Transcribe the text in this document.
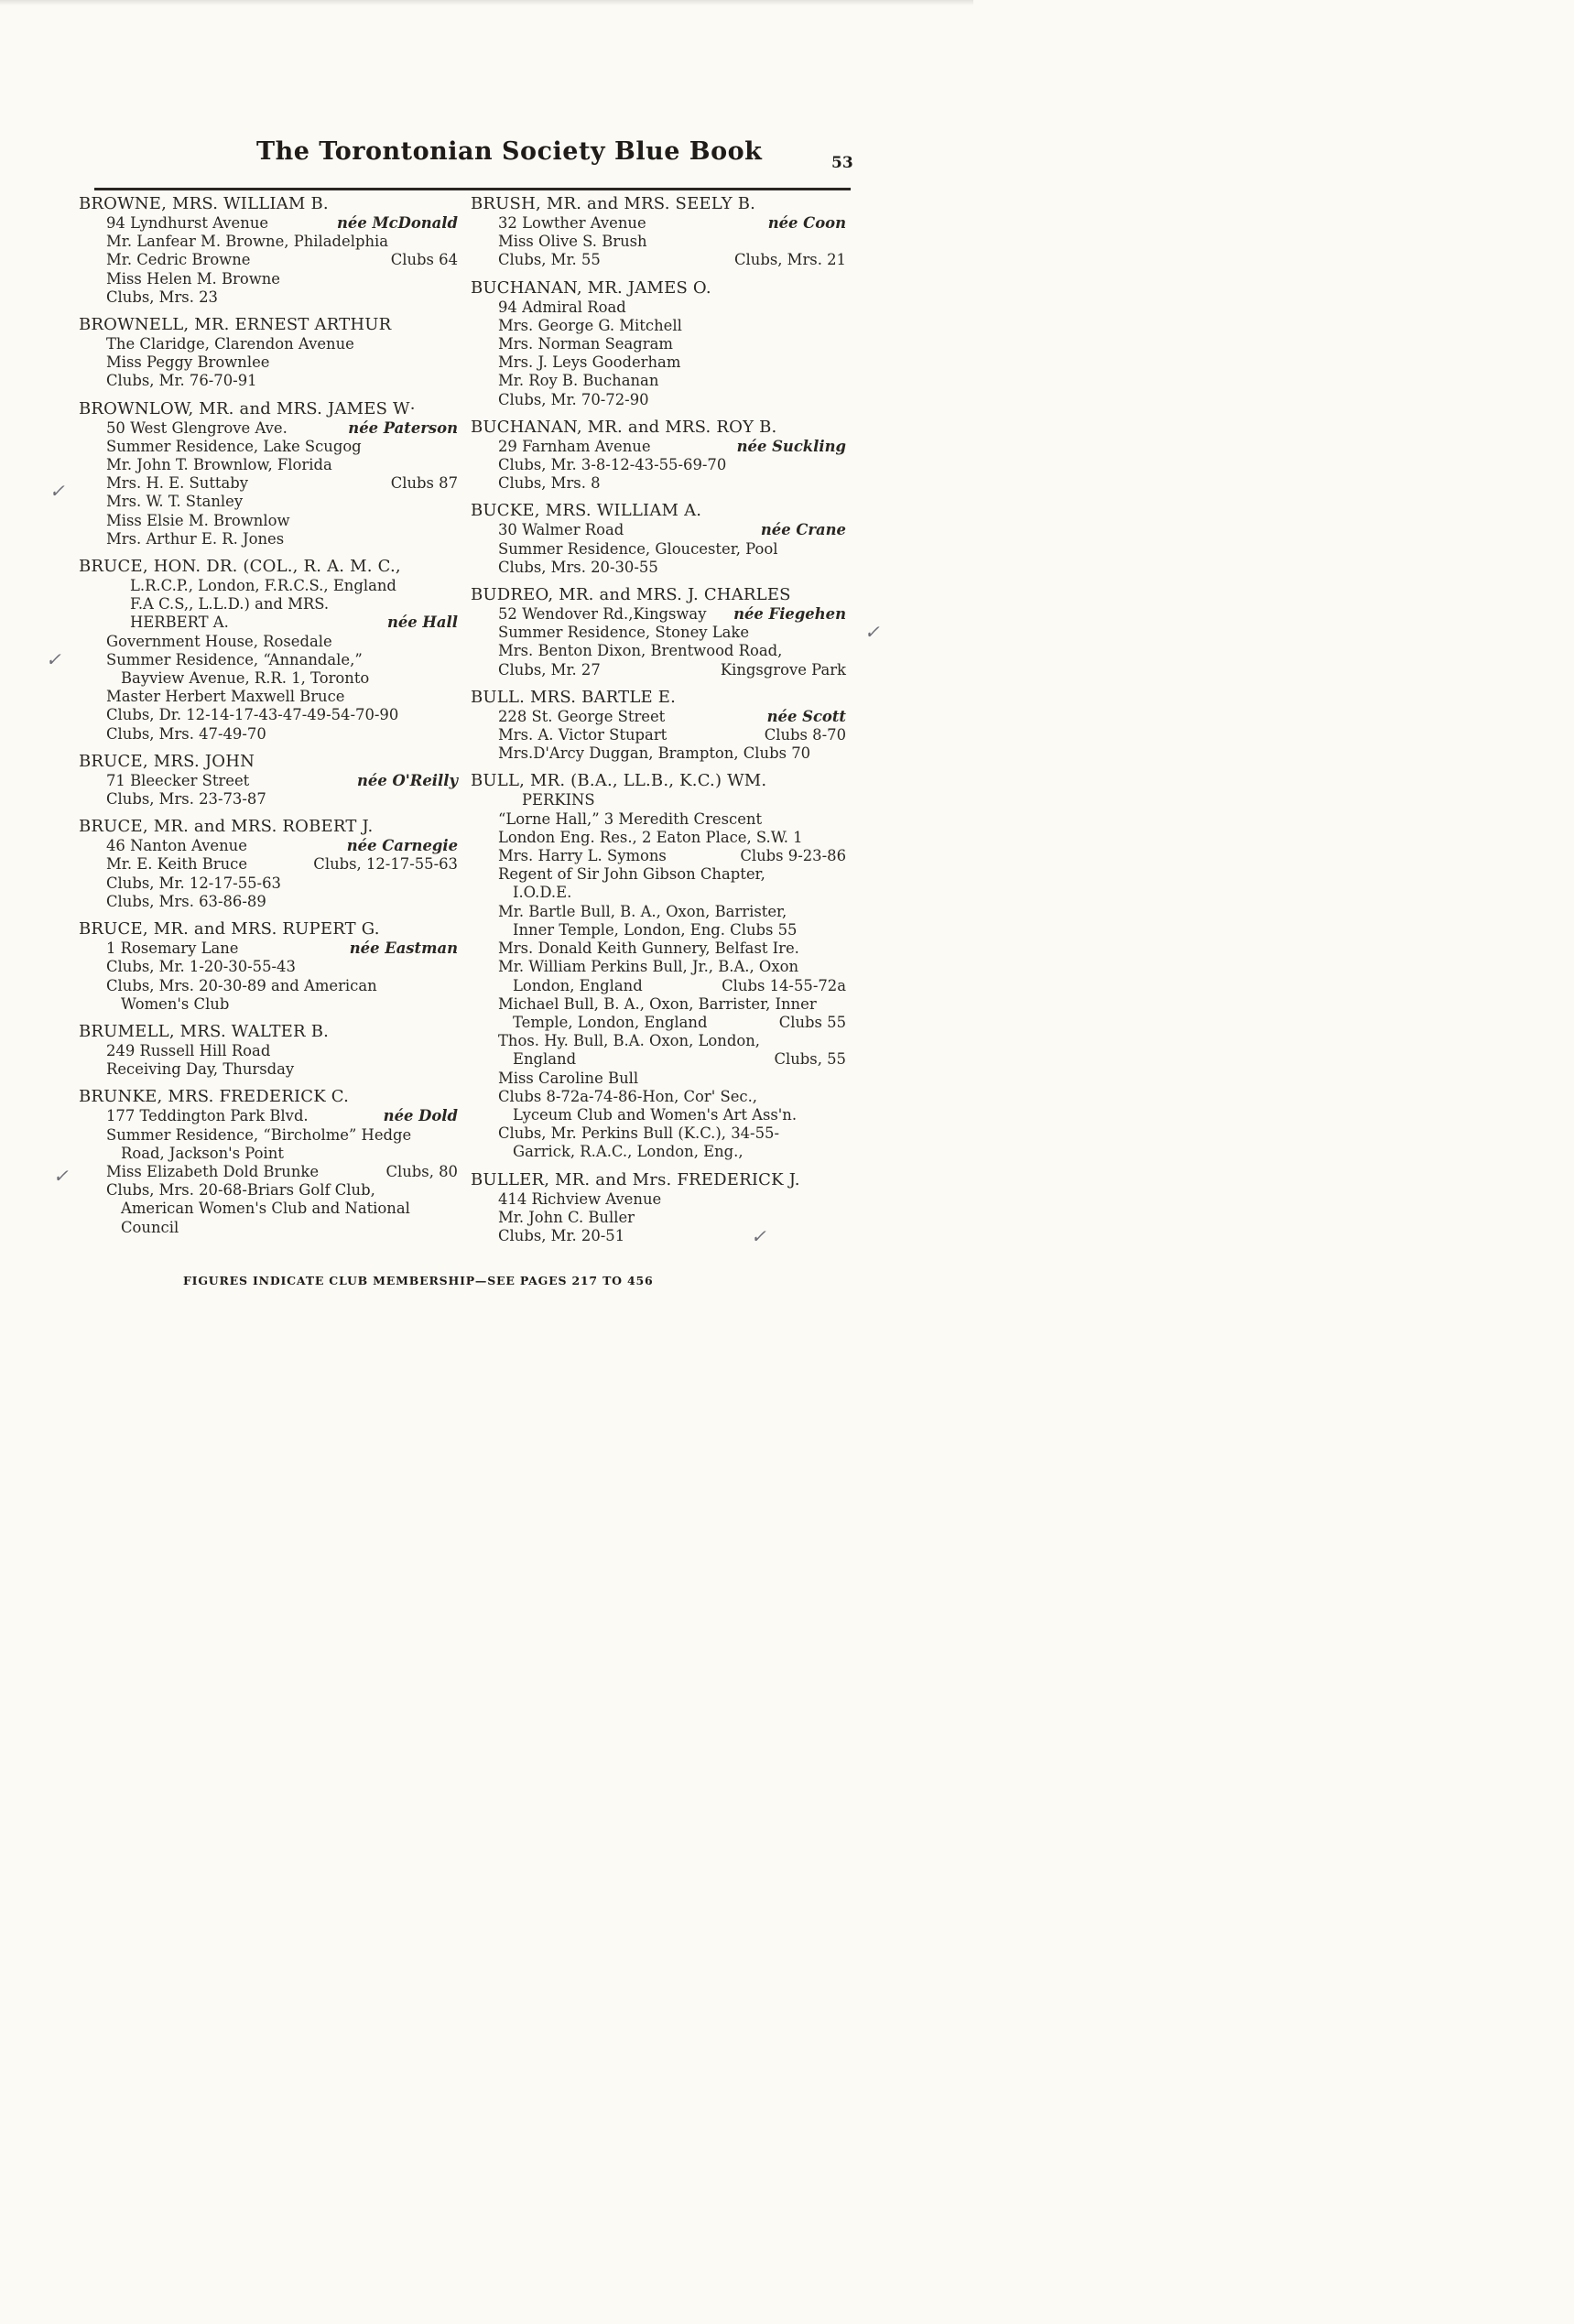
The Torontonian Society Blue Book	53
BROWNE, MRS. WILLIAM B.
94 Lyndhurst Avenue	née McDonald
Mr. Lanfear M. Browne, Philadelphia
Mr. Cedric Browne	Clubs 64
Miss Helen M. Browne
Clubs, Mrs. 23
BROWNELL, MR. ERNEST ARTHUR
The Claridge, Clarendon Avenue
Miss Peggy Brownlee
Clubs, Mr. 76-70-91
BROWNLOW, MR. and MRS. JAMES W·
50 West Glengrove Ave.	née Paterson
Summer Residence, Lake Scugog
Mr. John T. Brownlow, Florida
Mrs. H. E. Suttaby	Clubs 87
Mrs. W. T. Stanley
Miss Elsie M. Brownlow
Mrs. Arthur E. R. Jones
BRUCE, HON. DR. (COL., R. A. M. C.,
L.R.C.P., London, F.R.C.S., England
F.A C.S,, L.L.D.) and MRS.
HERBERT A.	née Hall
Government House, Rosedale
Summer Residence, “Annandale,”
Bayview Avenue, R.R. 1, Toronto
Master Herbert Maxwell Bruce
Clubs, Dr. 12-14-17-43-47-49-54-70-90
Clubs, Mrs. 47-49-70
BRUCE, MRS. JOHN
71 Bleecker Street	née O'Reilly
Clubs, Mrs. 23-73-87
BRUCE, MR. and MRS. ROBERT J.
46 Nanton Avenue	née Carnegie
Mr. E. Keith Bruce	Clubs, 12-17-55-63
Clubs, Mr. 12-17-55-63
Clubs, Mrs. 63-86-89
BRUCE, MR. and MRS. RUPERT G.
1 Rosemary Lane	née Eastman
Clubs, Mr. 1-20-30-55-43
Clubs, Mrs. 20-30-89 and American
Women's Club
BRUMELL, MRS. WALTER B.
249 Russell Hill Road
Receiving Day, Thursday
BRUNKE, MRS. FREDERICK C.
177 Teddington Park Blvd.	née Dold
Summer Residence, “Bircholme” Hedge
Road, Jackson's Point
Miss Elizabeth Dold Brunke	Clubs, 80
Clubs, Mrs. 20-68-Briars Golf Club,
American Women's Club and National
Council
BRUSH, MR. and MRS. SEELY B.
32 Lowther Avenue	née Coon
Miss Olive S. Brush
Clubs, Mr. 55	Clubs, Mrs. 21
BUCHANAN, MR. JAMES O.
94 Admiral Road
Mrs. George G. Mitchell
Mrs. Norman Seagram
Mrs. J. Leys Gooderham
Mr. Roy B. Buchanan
Clubs, Mr. 70-72-90
BUCHANAN, MR. and MRS. ROY B.
29 Farnham Avenue	née Suckling
Clubs, Mr. 3-8-12-43-55-69-70
Clubs, Mrs. 8
BUCKE, MRS. WILLIAM A.
30 Walmer Road	née Crane
Summer Residence, Gloucester, Pool
Clubs, Mrs. 20-30-55
BUDREO, MR. and MRS. J. CHARLES
52 Wendover Rd.,Kingsway née Fiegehen
Summer Residence, Stoney Lake
Mrs. Benton Dixon, Brentwood Road,
Clubs, Mr. 27	Kingsgrove Park
BULL. MRS. BARTLE E.
228 St. George Street	née Scott
Mrs. A. Victor Stupart	Clubs 8-70
Mrs.D'Arcy Duggan, Brampton, Clubs 70
BULL, MR. (B.A., LL.B., K.C.) WM.
PERKINS
“Lorne Hall,” 3 Meredith Crescent
London Eng. Res., 2 Eaton Place, S.W. 1
Mrs. Harry L. Symons	Clubs 9-23-86
Regent of Sir John Gibson Chapter,
I.O.D.E.
Mr. Bartle Bull, B. A., Oxon, Barrister,
Inner Temple, London, Eng. Clubs 55
Mrs. Donald Keith Gunnery, Belfast Ire.
Mr. William Perkins Bull, Jr., B.A., Oxon
London, England	Clubs 14-55-72a
Michael Bull, B. A., Oxon, Barrister, Inner
Temple, London, England	Clubs 55
Thos. Hy. Bull, B.A. Oxon, London,
England	Clubs, 55
Miss Caroline Bull
Clubs 8-72a-74-86-Hon, Cor' Sec.,
Lyceum Club and Women's Art Ass'n.
Clubs, Mr. Perkins Bull (K.C.), 34-55-
Garrick, R.A.C., London, Eng.,
BULLER, MR. and Mrs. FREDERICK J.
414 Richview Avenue
Mr. John C. Buller
Clubs, Mr. 20-51
✓
✓
✓
✓
✓
FIGURES INDICATE CLUB MEMBERSHIP—SEE PAGES 217 TO 456
